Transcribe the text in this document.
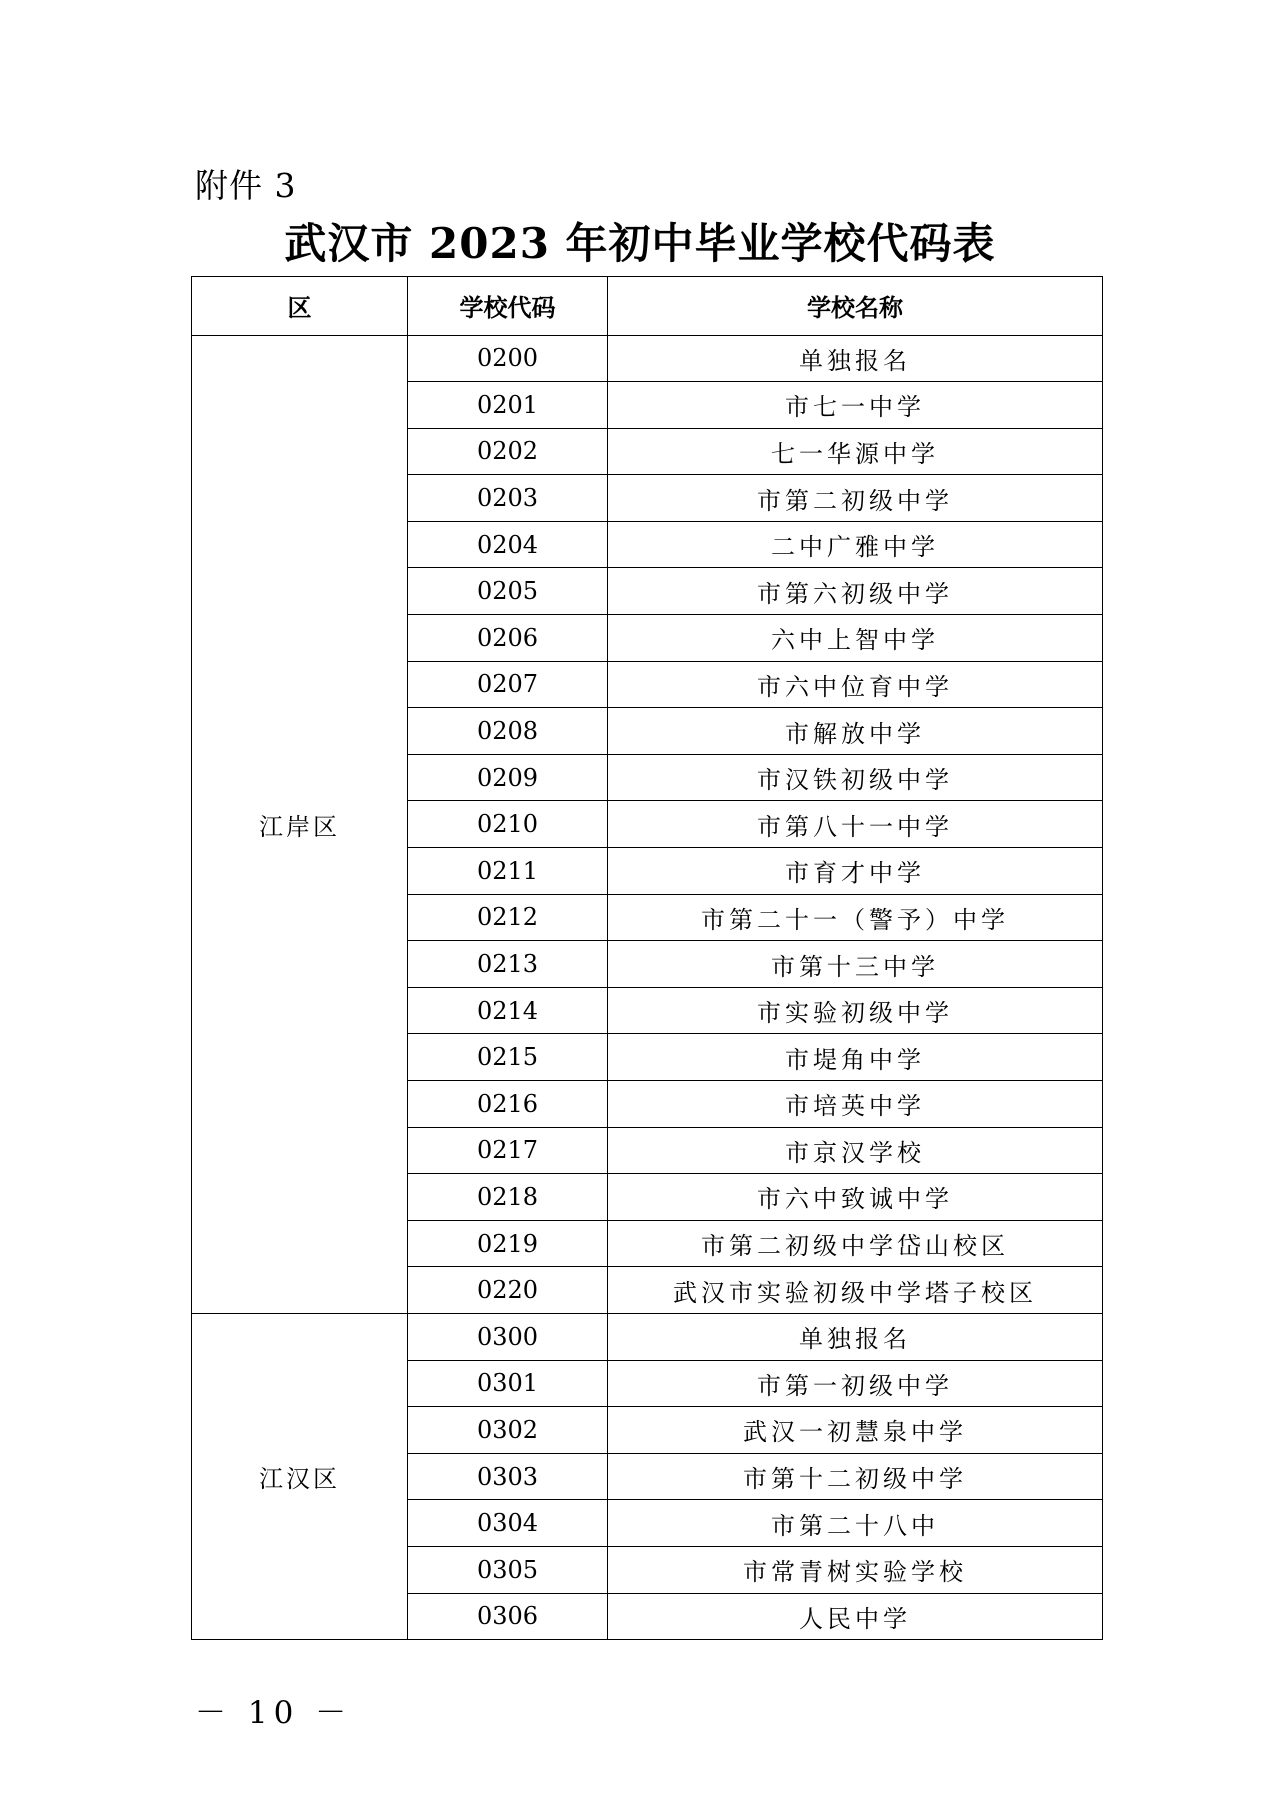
附件 3
武汉市 2023 年初中毕业学校代码表
区	学校代码	学校名称
江岸区	0200	单独报名
	0201	市七一中学
	0202	七一华源中学
	0203	市第二初级中学
	0204	二中广雅中学
	0205	市第六初级中学
	0206	六中上智中学
	0207	市六中位育中学
	0208	市解放中学
	0209	市汉铁初级中学
	0210	市第八十一中学
	0211	市育才中学
	0212	市第二十一（警予）中学
	0213	市第十三中学
	0214	市实验初级中学
	0215	市堤角中学
	0216	市培英中学
	0217	市京汉学校
	0218	市六中致诚中学
	0219	市第二初级中学岱山校区
	0220	武汉市实验初级中学塔子校区
江汉区	0300	单独报名
	0301	市第一初级中学
	0302	武汉一初慧泉中学
	0303	市第十二初级中学
	0304	市第二十八中
	0305	市常青树实验学校
	0306	人民中学
－ 10 －
